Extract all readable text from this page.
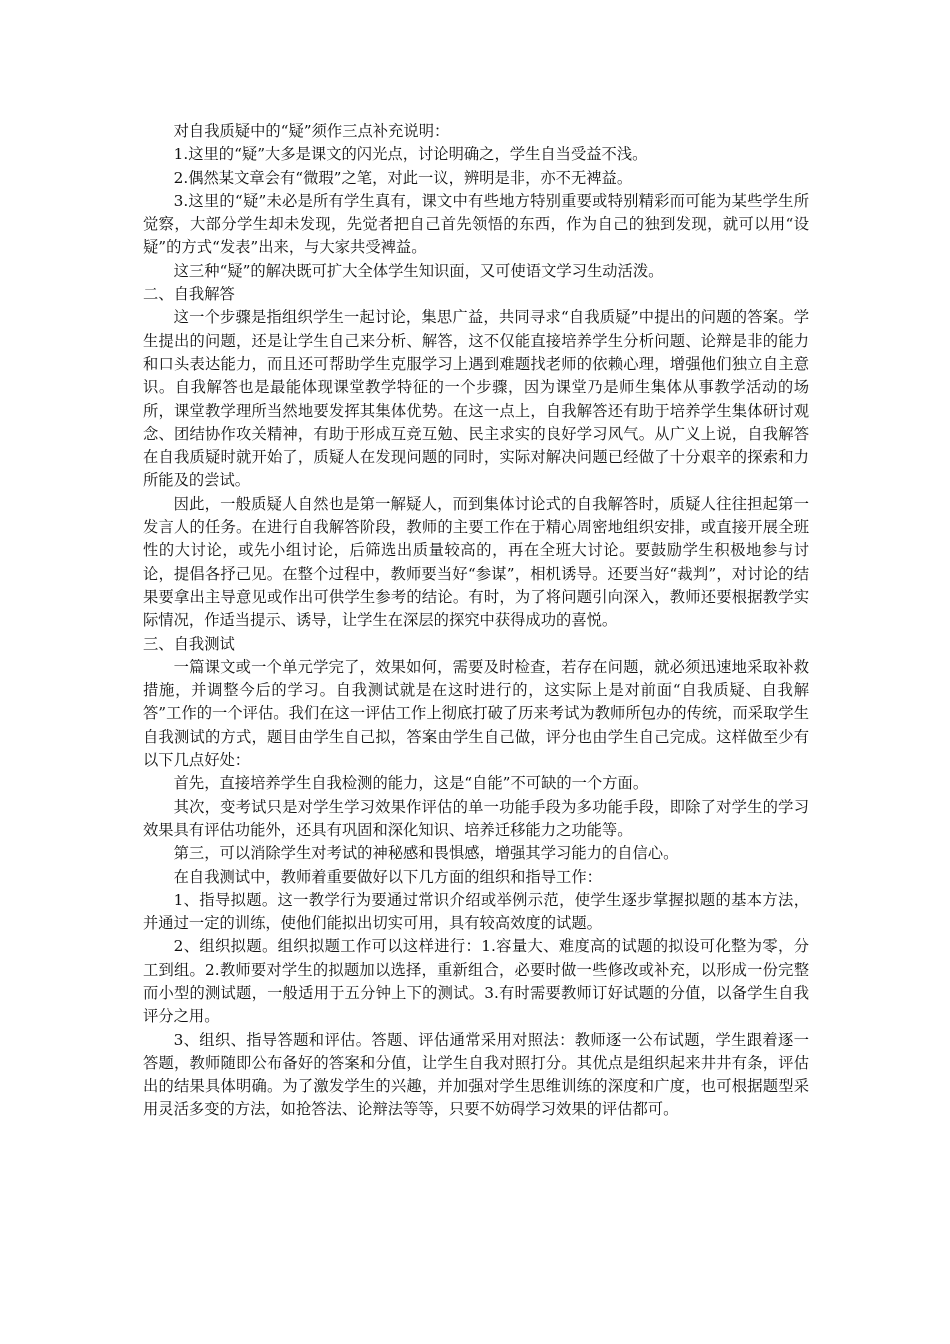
对自我质疑中的“疑”须作三点补充说明：

1.这里的“疑”大多是课文的闪光点，讨论明确之，学生自当受益不浅。

2.偶然某文章会有“微瑕”之笔，对此一议，辨明是非，亦不无裨益。

3.这里的“疑”未必是所有学生真有，课文中有些地方特别重要或特别精彩而可能为某些学生所觉察，大部分学生却未发现，先觉者把自己首先领悟的东西，作为自己的独到发现，就可以用“设疑”的方式“发表”出来，与大家共受裨益。

这三种“疑”的解决既可扩大全体学生知识面，又可使语文学习生动活泼。

二、自我解答

这一个步骤是指组织学生一起讨论，集思广益，共同寻求“自我质疑”中提出的问题的答案。学生提出的问题，还是让学生自己来分析、解答，这不仅能直接培养学生分析问题、论辩是非的能力和口头表达能力，而且还可帮助学生克服学习上遇到难题找老师的依赖心理，增强他们独立自主意识。自我解答也是最能体现课堂教学特征的一个步骤，因为课堂乃是师生集体从事教学活动的场所，课堂教学理所当然地要发挥其集体优势。在这一点上，自我解答还有助于培养学生集体研讨观念、团结协作攻关精神，有助于形成互竞互勉、民主求实的良好学习风气。从广义上说，自我解答在自我质疑时就开始了，质疑人在发现问题的同时，实际对解决问题已经做了十分艰辛的探索和力所能及的尝试。

因此，一般质疑人自然也是第一解疑人，而到集体讨论式的自我解答时，质疑人往往担起第一发言人的任务。在进行自我解答阶段，教师的主要工作在于精心周密地组织安排，或直接开展全班性的大讨论，或先小组讨论，后筛选出质量较高的，再在全班大讨论。要鼓励学生积极地参与讨论，提倡各抒己见。在整个过程中，教师要当好“参谋”，相机诱导。还要当好“裁判”，对讨论的结果要拿出主导意见或作出可供学生参考的结论。有时，为了将问题引向深入，教师还要根据教学实际情况，作适当提示、诱导，让学生在深层的探究中获得成功的喜悦。

三、自我测试

一篇课文或一个单元学完了，效果如何，需要及时检查，若存在问题，就必须迅速地采取补救措施，并调整今后的学习。自我测试就是在这时进行的，这实际上是对前面“自我质疑、自我解答”工作的一个评估。我们在这一评估工作上彻底打破了历来考试为教师所包办的传统，而采取学生自我测试的方式，题目由学生自己拟，答案由学生自己做，评分也由学生自己完成。这样做至少有以下几点好处：

首先，直接培养学生自我检测的能力，这是“自能”不可缺的一个方面。

其次，变考试只是对学生学习效果作评估的单一功能手段为多功能手段，即除了对学生的学习效果具有评估功能外，还具有巩固和深化知识、培养迁移能力之功能等。

第三，可以消除学生对考试的神秘感和畏惧感，增强其学习能力的自信心。

在自我测试中，教师着重要做好以下几方面的组织和指导工作：

1、指导拟题。这一教学行为要通过常识介绍或举例示范，使学生逐步掌握拟题的基本方法，并通过一定的训练，使他们能拟出切实可用，具有较高效度的试题。

2、组织拟题。组织拟题工作可以这样进行：1.容量大、难度高的试题的拟设可化整为零，分工到组。2.教师要对学生的拟题加以选择，重新组合，必要时做一些修改或补充，以形成一份完整而小型的测试题，一般适用于五分钟上下的测试。3.有时需要教师订好试题的分值，以备学生自我评分之用。

3、组织、指导答题和评估。答题、评估通常采用对照法：教师逐一公布试题，学生跟着逐一答题，教师随即公布备好的答案和分值，让学生自我对照打分。其优点是组织起来井井有条，评估出的结果具体明确。为了激发学生的兴趣，并加强对学生思维训练的深度和广度，也可根据题型采用灵活多变的方法，如抢答法、论辩法等等，只要不妨碍学习效果的评估都可。
